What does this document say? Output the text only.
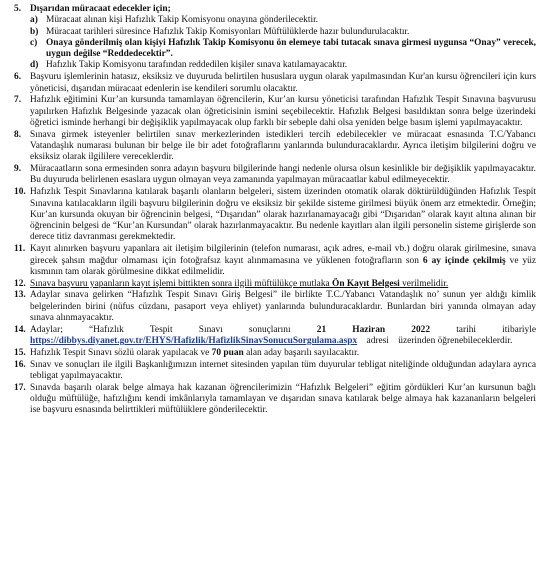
5. Dışarıdan müracaat edecekler için;
a) Müracaat alınan kişi Hafızlık Takip Komisyonu onayına gönderilecektir.
b) Müracaat tarihleri süresince Hafızlık Takip Komisyonları Müftülüklerde hazır bulundurulacaktır.
c) Onaya gönderilmiş olan kişiyi Hafızlık Takip Komisyonu ön elemeye tabi tutacak sınava girmesi uygunsa “Onay” verecek, uygun değilse “Reddedecektir”.
d) Hafızlık Takip Komisyonu tarafından reddedilen kişiler sınava katılamayacaktır.
6. Başvuru işlemlerinin hatasız, eksiksiz ve duyuruda belirtilen hususlara uygun olarak yapılmasından Kur'an kursu öğrencileri için kurs yöneticisi, dışarıdan müracaat edenlerin ise kendileri sorumlu olacaktır.
7. Hafızlık eğitimini Kur’an kursunda tamamlayan öğrencilerin, Kur’an kursu yöneticisi tarafından Hafızlık Tespit Sınavına başvurusu yapılırken Hafızlık Belgesinde yazacak olan öğreticisinin ismini seçebilecektir. Hafızlık Belgesi basıldıktan sonra belge üzerindeki öğretici isminde herhangi bir değişiklik yapılmayacak olup farklı bir sebeple dahi olsa yeniden belge basım işlemi yapılmayacaktır.
8. Sınava girmek isteyenler belirtilen sınav merkezlerinden istedikleri tercih edebilecekler ve müracaat esnasında T.C/Yabancı Vatandaşlık numarası bulunan bir belge ile bir adet fotoğraflarını yanlarında bulunduracaklardır. Ayrıca iletişim bilgilerini doğru ve eksiksiz olarak ilgililere vereceklerdir.
9. Müracaatların sona ermesinden sonra adayın başvuru bilgilerinde hangi nedenle olursa olsun kesinlikle bir değişiklik yapılmayacaktır. Bu duyuruda belirlenen esaslara uygun olmayan veya zamanında yapılmayan müracaatlar kabul edilmeyecektir.
10. Hafızlık Tespit Sınavlarına katılarak başarılı olanların belgeleri, sistem üzerinden otomatik olarak döktürüldüğünden Hafızlık Tespit Sınavına katılacakların ilgili başvuru bilgilerinin doğru ve eksiksiz bir şekilde sisteme girilmesi büyük önem arz etmektedir. Örneğin; Kur’an kursunda okuyan bir öğrencinin belgesi, “Dışarıdan” olarak hazırlanamayacağı gibi “Dışarıdan” olarak kayıt altına alınan bir öğrencinin belgesi de “Kur’an Kursundan” olarak hazırlanmayacaktır. Bu nedenle kayıtları alan ilgili personelin sisteme girişlerde son derece titiz davranması gerekmektedir.
11. Kayıt alınırken başvuru yapanlara ait iletişim bilgilerinin (telefon numarası, açık adres, e-mail vb.) doğru olarak girilmesine, sınava girecek şahsın mağdur olmaması için fotoğrafsız kayıt alınmamasına ve yüklenen fotoğrafların son 6 ay içinde çekilmiş ve yüz kısmının tam olarak görülmesine dikkat edilmelidir.
12. Sınava başvuru yapanların kayıt işlemi bittikten sonra ilgili müftülükçe mutlaka Ön Kayıt Belgesi verilmelidir.
13. Adaylar sınava gelirken “Hafızlık Tespit Sınavı Giriş Belgesi” ile birlikte T.C./Yabancı Vatandaşlık no’ sunun yer aldığı kimlik belgelerinden birini (nüfus cüzdanı, pasaport veya ehliyet) yanlarında bulunduracaklardır. Bunlardan biri yanında olmayan aday sınava alınmayacaktır.
14. Adaylar;    “Hafızlık    Tespit    Sınavı    sonuçlarını    21    Haziran    2022    tarihi    itibariyle https://dibbys.diyanet.gov.tr/EHYS/Hafizlik/HafizlikSinavSonucuSorgulama.aspx    adresi    üzerinden öğrenebileceklerdir.
15. Hafızlık Tespit Sınavı sözlü olarak yapılacak ve 70 puan alan aday başarılı sayılacaktır.
16. Sınav ve sonuçları ile ilgili Başkanlığımızın internet sitesinden yapılan tüm duyurular tebligat niteliğinde olduğundan adaylara ayrıca tebligat yapılmayacaktır.
17. Sınavda başarılı olarak belge almaya hak kazanan öğrencilerimizin “Hafızlık Belgeleri” eğitim gördükleri Kur’an kursunun bağlı olduğu müftülüğe, hafızlığını kendi imkânlarıyla tamamlayan ve dışarıdan sınava katılarak belge almaya hak kazananların belgeleri ise başvuru esnasında belirttikleri müftülüklere gönderilecektir.
